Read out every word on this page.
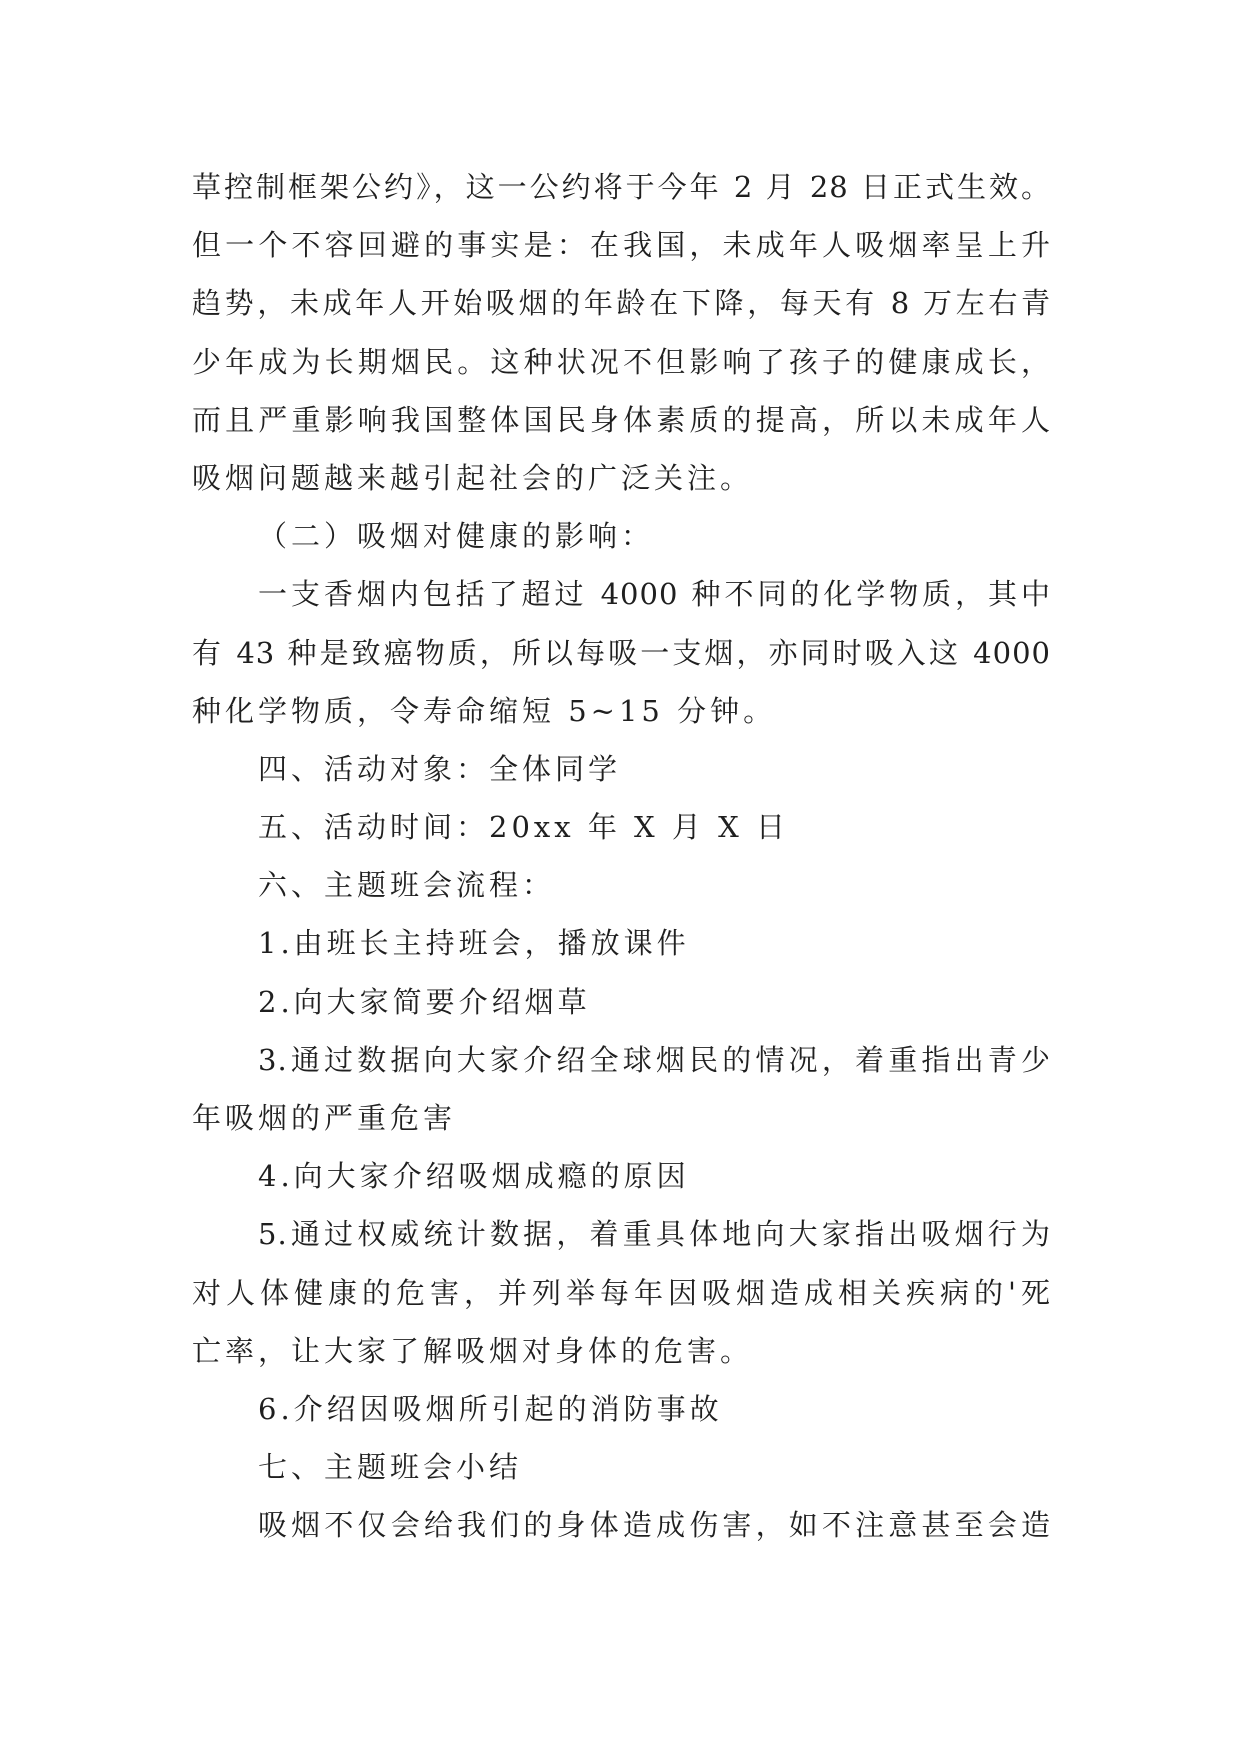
草控制框架公约》，这一公约将于今年 2 月 28 日正式生效。
但一个不容回避的事实是：在我国，未成年人吸烟率呈上升
趋势，未成年人开始吸烟的年龄在下降，每天有 8 万左右青
少年成为长期烟民。这种状况不但影响了孩子的健康成长，
而且严重影响我国整体国民身体素质的提高，所以未成年人
吸烟问题越来越引起社会的广泛关注。
（二）吸烟对健康的影响：
一支香烟内包括了超过 4000 种不同的化学物质，其中
有 43 种是致癌物质，所以每吸一支烟，亦同时吸入这 4000
种化学物质，令寿命缩短 5~15 分钟。
四、活动对象：全体同学
五、活动时间：20xx 年 X 月 X 日
六、主题班会流程：
1.由班长主持班会，播放课件
2.向大家简要介绍烟草
3.通过数据向大家介绍全球烟民的情况，着重指出青少
年吸烟的严重危害
4.向大家介绍吸烟成瘾的原因
5.通过权威统计数据，着重具体地向大家指出吸烟行为
对人体健康的危害，并列举每年因吸烟造成相关疾病的'死
亡率，让大家了解吸烟对身体的危害。
6.介绍因吸烟所引起的消防事故
七、主题班会小结
吸烟不仅会给我们的身体造成伤害，如不注意甚至会造
